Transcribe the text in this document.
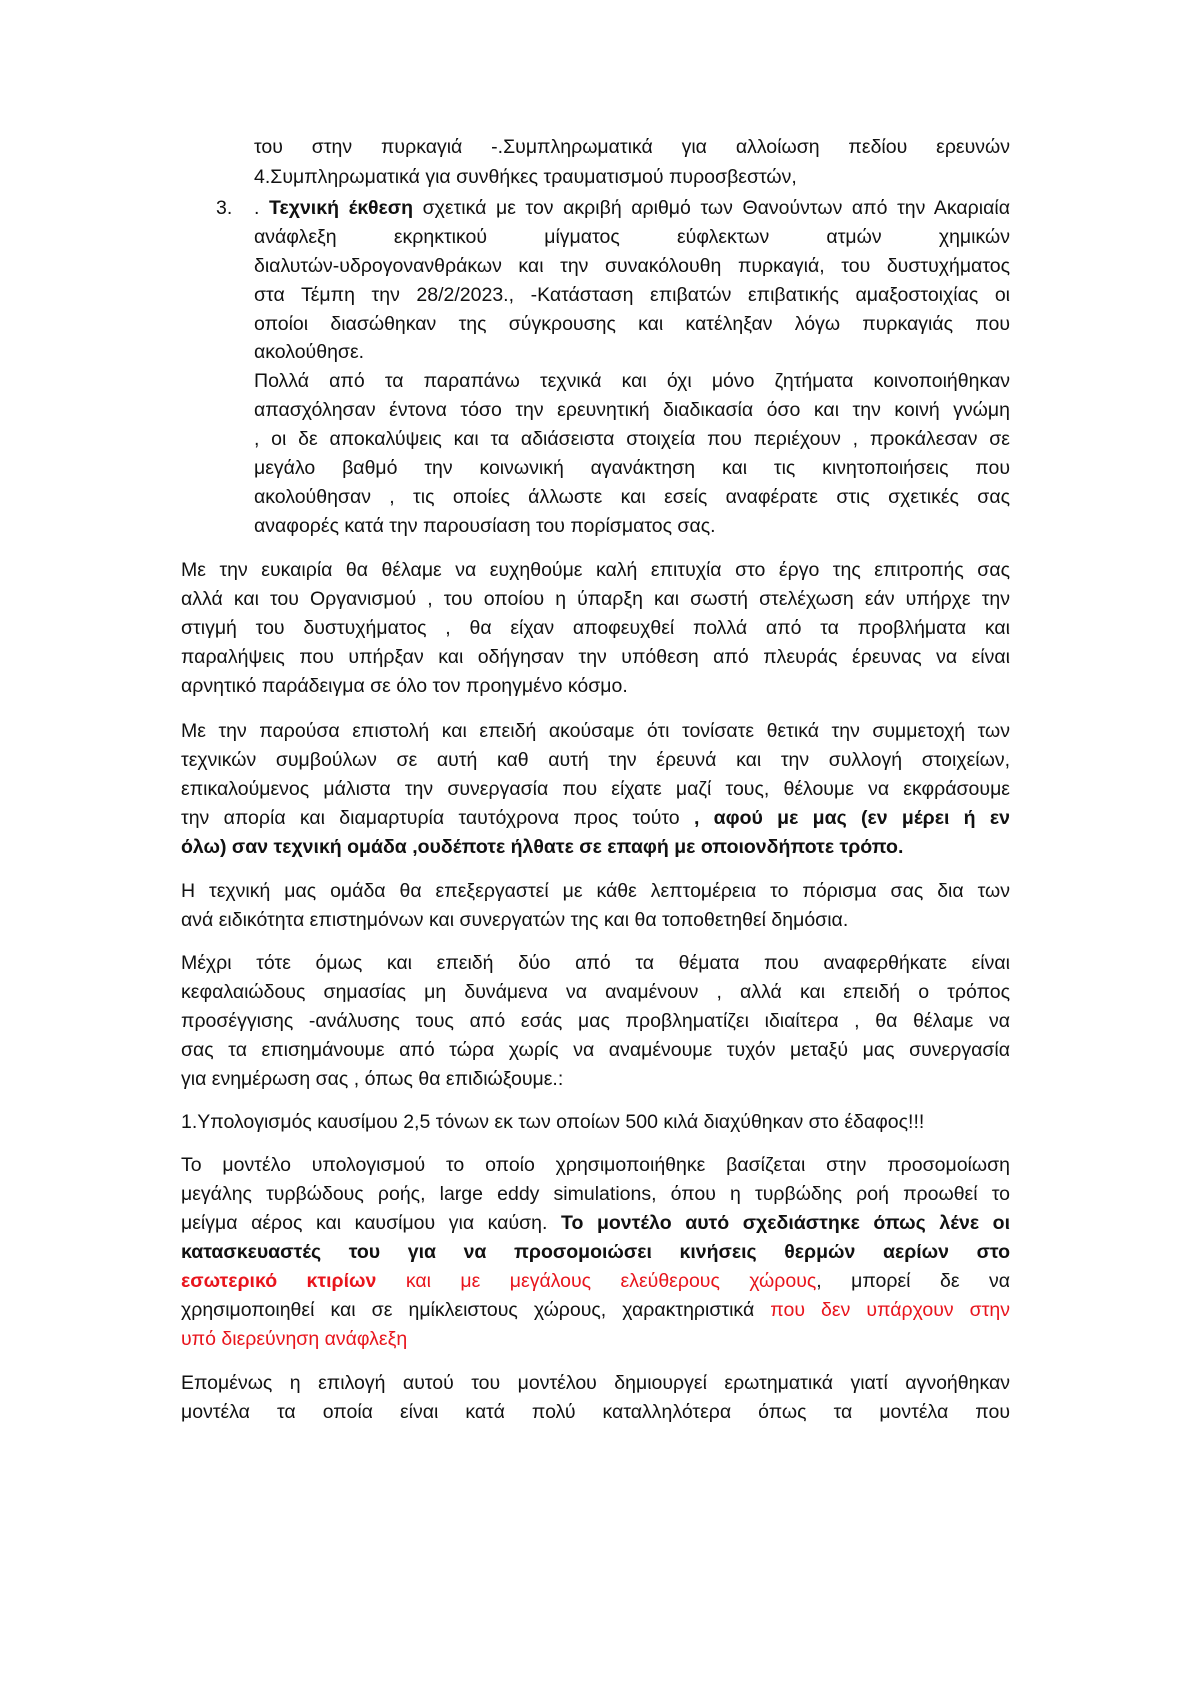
του στην πυρκαγιά -.Συμπληρωματικά για αλλοίωση πεδίου ερευνών
4.Συμπληρωματικά για συνθήκες τραυματισμού πυροσβεστών,
3. . Τεχνική έκθεση σχετικά με τον ακριβή αριθμό των Θανούντων από την Ακαριαία
ανάφλεξη εκρηκτικού μίγματος εύφλεκτων ατμών χημικών
διαλυτών-υδρογονανθράκων και την συνακόλουθη πυρκαγιά, του δυστυχήματος
στα Τέμπη την 28/2/2023., -Κατάσταση επιβατών επιβατικής αμαξοστοιχίας οι
οποίοι διασώθηκαν της σύγκρουσης και κατέληξαν λόγω πυρκαγιάς που
ακολούθησε.
Πολλά από τα παραπάνω τεχνικά και όχι μόνο ζητήματα κοινοποιήθηκαν
απασχόλησαν έντονα τόσο την ερευνητική διαδικασία όσο και την κοινή γνώμη
, οι δε αποκαλύψεις και τα αδιάσειστα στοιχεία που περιέχουν , προκάλεσαν σε
μεγάλο βαθμό την κοινωνική αγανάκτηση και τις κινητοποιήσεις που
ακολούθησαν , τις οποίες άλλωστε και εσείς αναφέρατε στις σχετικές σας
αναφορές κατά την παρουσίαση του πορίσματος σας.
Με την ευκαιρία θα θέλαμε να ευχηθούμε καλή επιτυχία στο έργο της επιτροπής σας
αλλά και του Οργανισμού , του οποίου η ύπαρξη και σωστή στελέχωση εάν υπήρχε την
στιγμή του δυστυχήματος , θα είχαν αποφευχθεί πολλά από τα προβλήματα και
παραλήψεις που υπήρξαν και οδήγησαν την υπόθεση από πλευράς έρευνας να είναι
αρνητικό παράδειγμα σε όλο τον προηγμένο κόσμο.
Με την παρούσα επιστολή και επειδή ακούσαμε ότι τονίσατε θετικά την συμμετοχή των
τεχνικών συμβούλων σε αυτή καθ αυτή την έρευνά και την συλλογή στοιχείων,
επικαλούμενος μάλιστα την συνεργασία που είχατε μαζί τους, θέλουμε να εκφράσουμε
την απορία και διαμαρτυρία ταυτόχρονα προς τούτο , αφού με μας (εν μέρει ή εν
όλω) σαν τεχνική ομάδα ,ουδέποτε ήλθατε σε επαφή με οποιονδήποτε τρόπο.
Η τεχνική μας ομάδα θα επεξεργαστεί με κάθε λεπτομέρεια το πόρισμα σας δια των
ανά ειδικότητα επιστημόνων και συνεργατών της και θα τοποθετηθεί δημόσια.
Μέχρι τότε όμως και επειδή δύο από τα θέματα που αναφερθήκατε είναι
κεφαλαιώδους σημασίας μη δυνάμενα να αναμένουν , αλλά και επειδή ο τρόπος
προσέγγισης -ανάλυσης τους από εσάς μας προβληματίζει ιδιαίτερα , θα θέλαμε να
σας τα επισημάνουμε από τώρα χωρίς να αναμένουμε τυχόν μεταξύ μας συνεργασία
για ενημέρωση σας , όπως θα επιδιώξουμε.:
1.Υπολογισμός καυσίμου 2,5 τόνων εκ των οποίων 500 κιλά διαχύθηκαν στο έδαφος!!!
Το μοντέλο υπολογισμού το οποίο χρησιμοποιήθηκε βασίζεται στην προσομοίωση
μεγάλης τυρβώδους ροής, large eddy simulations, όπου η τυρβώδης ροή προωθεί το
μείγμα αέρος και καυσίμου για καύση. Το μοντέλο αυτό σχεδιάστηκε όπως λένε οι
κατασκευαστές του για να προσομοιώσει κινήσεις θερμών αερίων στο
εσωτερικό κτιρίων και με μεγάλους ελεύθερους χώρους, μπορεί δε να
χρησιμοποιηθεί και σε ημίκλειστους χώρους, χαρακτηριστικά που δεν υπάρχουν στην
υπό διερεύνηση ανάφλεξη
Επομένως η επιλογή αυτού του μοντέλου δημιουργεί ερωτηματικά γιατί αγνοήθηκαν
μοντέλα τα οποία είναι κατά πολύ καταλληλότερα όπως τα μοντέλα που
